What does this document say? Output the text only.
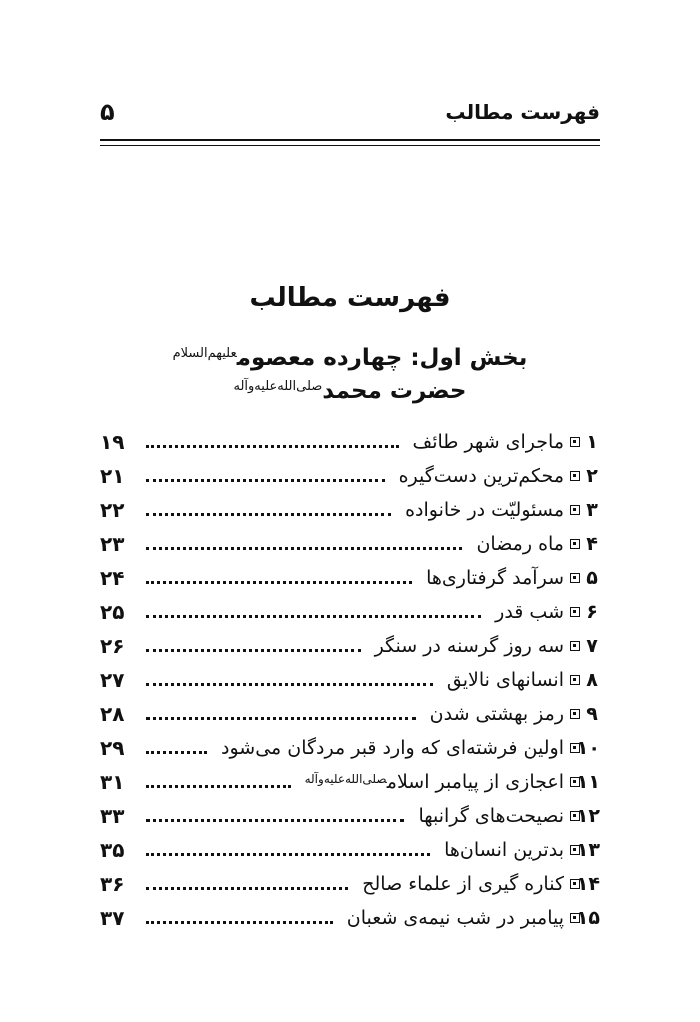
فهرست مطالب
۵
فهرست مطالب
بخش اول: چهارده معصوم$^{علیهم‌السلام}$
حضرت محمد$^{صلی‌الله‌علیه‌وآله}$
۱
ماجرای شهر طائف
۱۹
۲
محکم‌ترین دست‌گیره
۲۱
۳
مسئولیّت در خانواده
۲۲
۴
ماه رمضان
۲۳
۵
سرآمد گرفتاری‌ها
۲۴
۶
شب قدر
۲۵
۷
سه روز گرسنه در سنگر
۲۶
۸
انسانهای نالایق
۲۷
۹
رمز بهشتی شدن
۲۸
۱۰
اولین فرشته‌ای که وارد قبر مردگان می‌شود
۲۹
۱۱
اعجازی از پیامبر اسلام$^{صلی‌الله‌علیه‌وآله}$
۳۱
۱۲
نصیحت‌های گرانبها
۳۳
۱۳
بدترین انسان‌ها
۳۵
۱۴
کناره گیری از علماء صالح
۳۶
۱۵
پیامبر در شب نیمه‌ی شعبان
۳۷
